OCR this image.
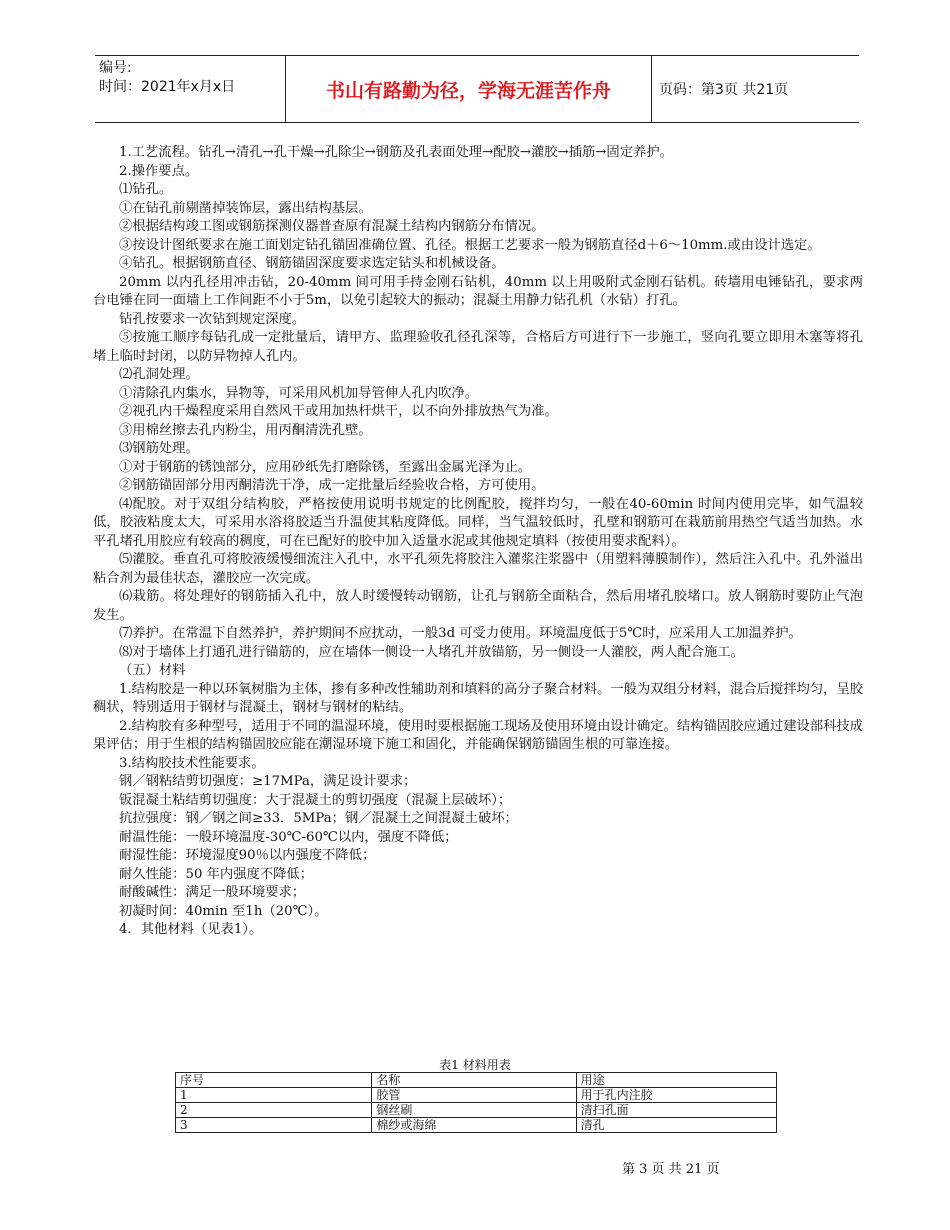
编号:
时间：2021年x月x日	书山有路勤为径，学海无涯苦作舟	页码：第3页 共21页

1.工艺流程。钻孔→清孔→孔干燥→孔除尘→钢筋及孔表面处理→配胶→灌胶→插筋→固定养护。

2.操作要点。

⑴钻孔。

①在钻孔前剔凿掉装饰层，露出结构基层。

②根据结构竣工图或钢筋探测仪器普查原有混凝土结构内钢筋分布情况。

③按设计图纸要求在施工面划定钻孔锚固准确位置、孔径。根据工艺要求一般为钢筋直径d＋6～10mm.或由设计选定。

④钻孔。根据钢筋直径、钢筋锚固深度要求选定钻头和机械设备。

20mm 以内孔径用冲击钻，20-40mm 间可用手持金刚石钻机，40mm 以上用吸附式金刚石钻机。砖墙用电锤钻孔，要求两台电锤在同一面墙上工作间距不小于5m，以免引起较大的振动；混凝土用静力钻孔机（水钻）打孔。

钻孔按要求一次钻到规定深度。

⑤按施工顺序每钻孔成一定批量后，请甲方、监理验收孔径孔深等，合格后方可进行下一步施工，竖向孔要立即用木塞等将孔堵上临时封闭，以防异物掉人孔内。

⑵孔洞处理。

①清除孔内集水，异物等，可采用风机加导管伸人孔内吹净。

②视孔内干燥程度采用自然风干或用加热杆烘干，以不向外排放热气为准。

③用棉丝擦去孔内粉尘，用丙酮清洗孔壁。

⑶钢筋处理。

①对于钢筋的锈蚀部分，应用砂纸先打磨除锈，至露出金属光泽为止。

②钢筋锚固部分用丙酮清洗干净，成一定批量后经验收合格，方可使用。

⑷配胶。对于双组分结构胶，严格按使用说明书规定的比例配胶，搅拌均匀，一般在40-60min 时间内使用完毕，如气温较低，胶液粘度太大，可采用水浴将胶适当升温使其粘度降低。同样，当气温较低时，孔壁和钢筋可在栽筋前用热空气适当加热。水平孔堵孔用胶应有较高的稠度，可在已配好的胶中加入适量水泥或其他规定填料（按使用要求配料）。

⑸灌胶。垂直孔可将胶液缓慢细流注入孔中，水平孔须先将胶注入灌浆注浆器中（用塑料薄膜制作），然后注入孔中。孔外溢出粘合剂为最佳状态，灌胶应一次完成。

⑹栽筋。将处理好的钢筋插入孔中，放人时缓慢转动钢筋，让孔与钢筋全面粘合，然后用堵孔胶堵口。放人钢筋时要防止气泡发生。

⑺养护。在常温下自然养护，养护期间不应扰动，一般3d 可受力使用。环境温度低于5℃时，应采用人工加温养护。

⑻对于墙体上打通孔进行锚筋的，应在墙体一侧设一人堵孔并放锚筋，另一侧设一人灌胶，两人配合施工。

（五）材料

1.结构胶是一种以环氧树脂为主体，掺有多种改性辅助剂和填料的高分子聚合材料。一般为双组分材料，混合后搅拌均匀，呈胶稠状，特别适用于钢材与混凝土，钢材与钢材的粘结。

2.结构胶有多种型号，适用于不同的温湿环境，使用时要根据施工现场及使用环境由设计确定。结构锚固胶应通过建设部科技成果评估；用于生根的结构锚固胶应能在潮湿环境下施工和固化，并能确保钢筋锚固生根的可靠连接。

3.结构胶技术性能要求。

钢／钢粘结剪切强度：≥17MPa，满足设计要求；

钣混凝土粘结剪切强度：大于混凝土的剪切强度（混凝上层破坏）；

抗拉强度：钢／钢之间≥33．5MPa；钢／混凝土之间混凝土破坏；

耐温性能：一般环境温度-30℃-60℃以内，强度不降低；

耐湿性能：环境湿度90％以内强度不降低；

耐久性能：50 年内强度不降低；

耐酸碱性：满足一般环境要求；

初凝时间：40min 至1h（20℃）。

4．其他材料（见表1）。

表1 材料用表
序号	名称	用途
1	胶管	用于孔内注胶
2	钢丝刷	清扫孔面
3	棉纱或海绵	清孔
第 3 页 共 21 页
